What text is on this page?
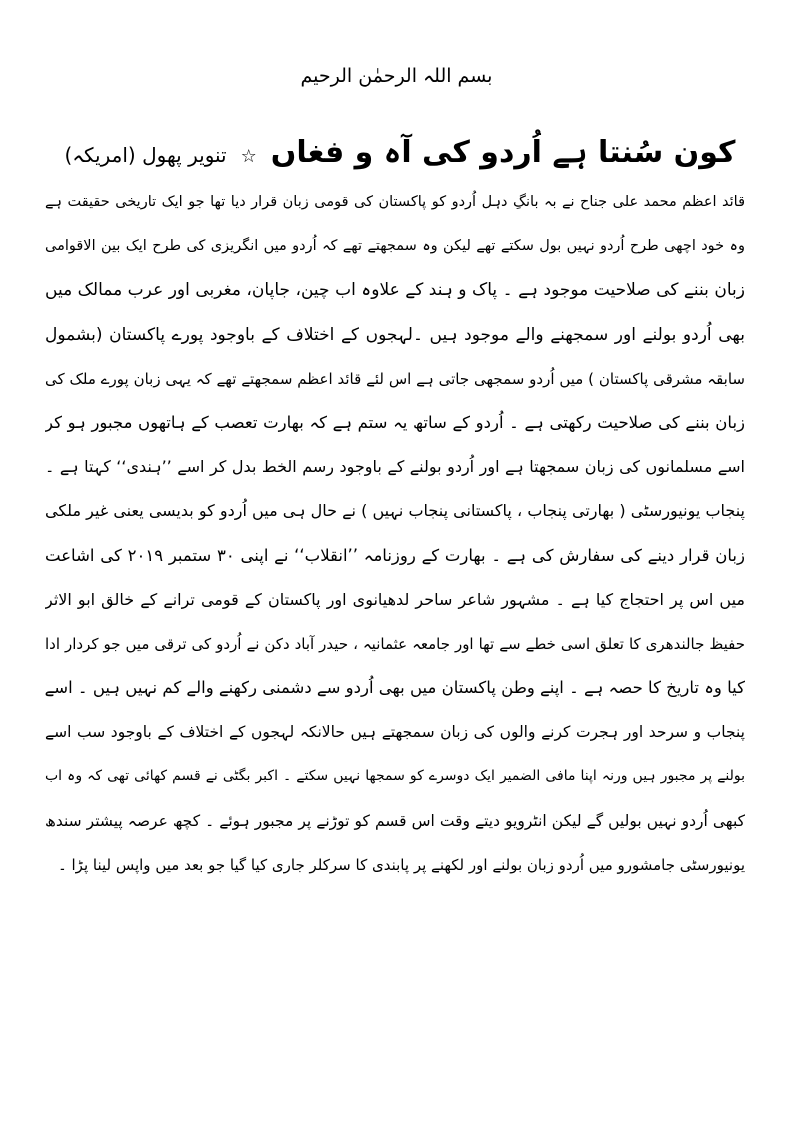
بسم اللہ الرحمٰن الرحیم
کون سُنتا ہے اُردو کی آہ و فغاں☆تنویر پھول (امریکہ)
قائد اعظم محمد علی جناح نے بہ بانگِ دہل اُردو کو پاکستان کی قومی زبان قرار دیا تھا جو ایک تاریخی حقیقت ہے
وہ خود اچھی طرح اُردو نہیں بول سکتے تھے لیکن وہ سمجھتے تھے کہ اُردو میں انگریزی کی طرح ایک بین الاقوامی
زبان بننے کی صلاحیت موجود ہے ۔ پاک و ہند کے علاوہ اب چین، جاپان، مغربی اور عرب ممالک میں
بھی اُردو بولنے اور سمجھنے والے موجود ہیں ۔لہجوں کے اختلاف کے باوجود پورے پاکستان (بشمول
سابقہ مشرقی پاکستان ) میں اُردو سمجھی جاتی ہے اس لئے قائد اعظم سمجھتے تھے کہ یہی زبان پورے ملک کی
زبان بننے کی صلاحیت رکھتی ہے ۔ اُردو کے ساتھ یہ ستم ہے کہ بھارت تعصب کے ہاتھوں مجبور ہو کر
اسے مسلمانوں کی زبان سمجھتا ہے اور اُردو بولنے کے باوجود رسم الخط بدل کر اسے ’’ہندی‘‘ کہتا ہے ۔
پنجاب یونیورسٹی ( بھارتی پنجاب ، پاکستانی پنجاب نہیں ) نے حال ہی میں اُردو کو بدیسی یعنی غیر ملکی
زبان قرار دینے کی سفارش کی ہے ۔ بھارت کے روزنامہ ’’انقلاب‘‘ نے اپنی ۳۰ ستمبر ۲۰۱۹ کی اشاعت
میں اس پر احتجاج کیا ہے ۔ مشہور شاعر ساحر لدھیانوی اور پاکستان کے قومی ترانے کے خالق ابو الاثر
حفیظ جالندھری کا تعلق اسی خطے سے تھا اور جامعہ عثمانیہ ، حیدر آباد دکن نے اُردو کی ترقی میں جو کردار ادا
کیا وہ تاریخ کا حصہ ہے ۔ اپنے وطن پاکستان میں بھی اُردو سے دشمنی رکھنے والے کم نہیں ہیں ۔ اسے
پنجاب و سرحد اور ہجرت کرنے والوں کی زبان سمجھتے ہیں حالانکہ لہجوں کے اختلاف کے باوجود سب اسے
بولنے پر مجبور ہیں ورنہ اپنا مافی الضمیر ایک دوسرے کو سمجھا نہیں سکتے ۔ اکبر بگٹی نے قسم کھائی تھی کہ وہ اب
کبھی اُردو نہیں بولیں گے لیکن انٹرویو دیتے وقت اس قسم کو توڑنے پر مجبور ہوئے ۔ کچھ عرصہ پیشتر سندھ
یونیورسٹی جامشورو میں اُردو زبان بولنے اور لکھنے پر پابندی کا سرکلر جاری کیا گیا جو بعد میں واپس لینا پڑا ۔
